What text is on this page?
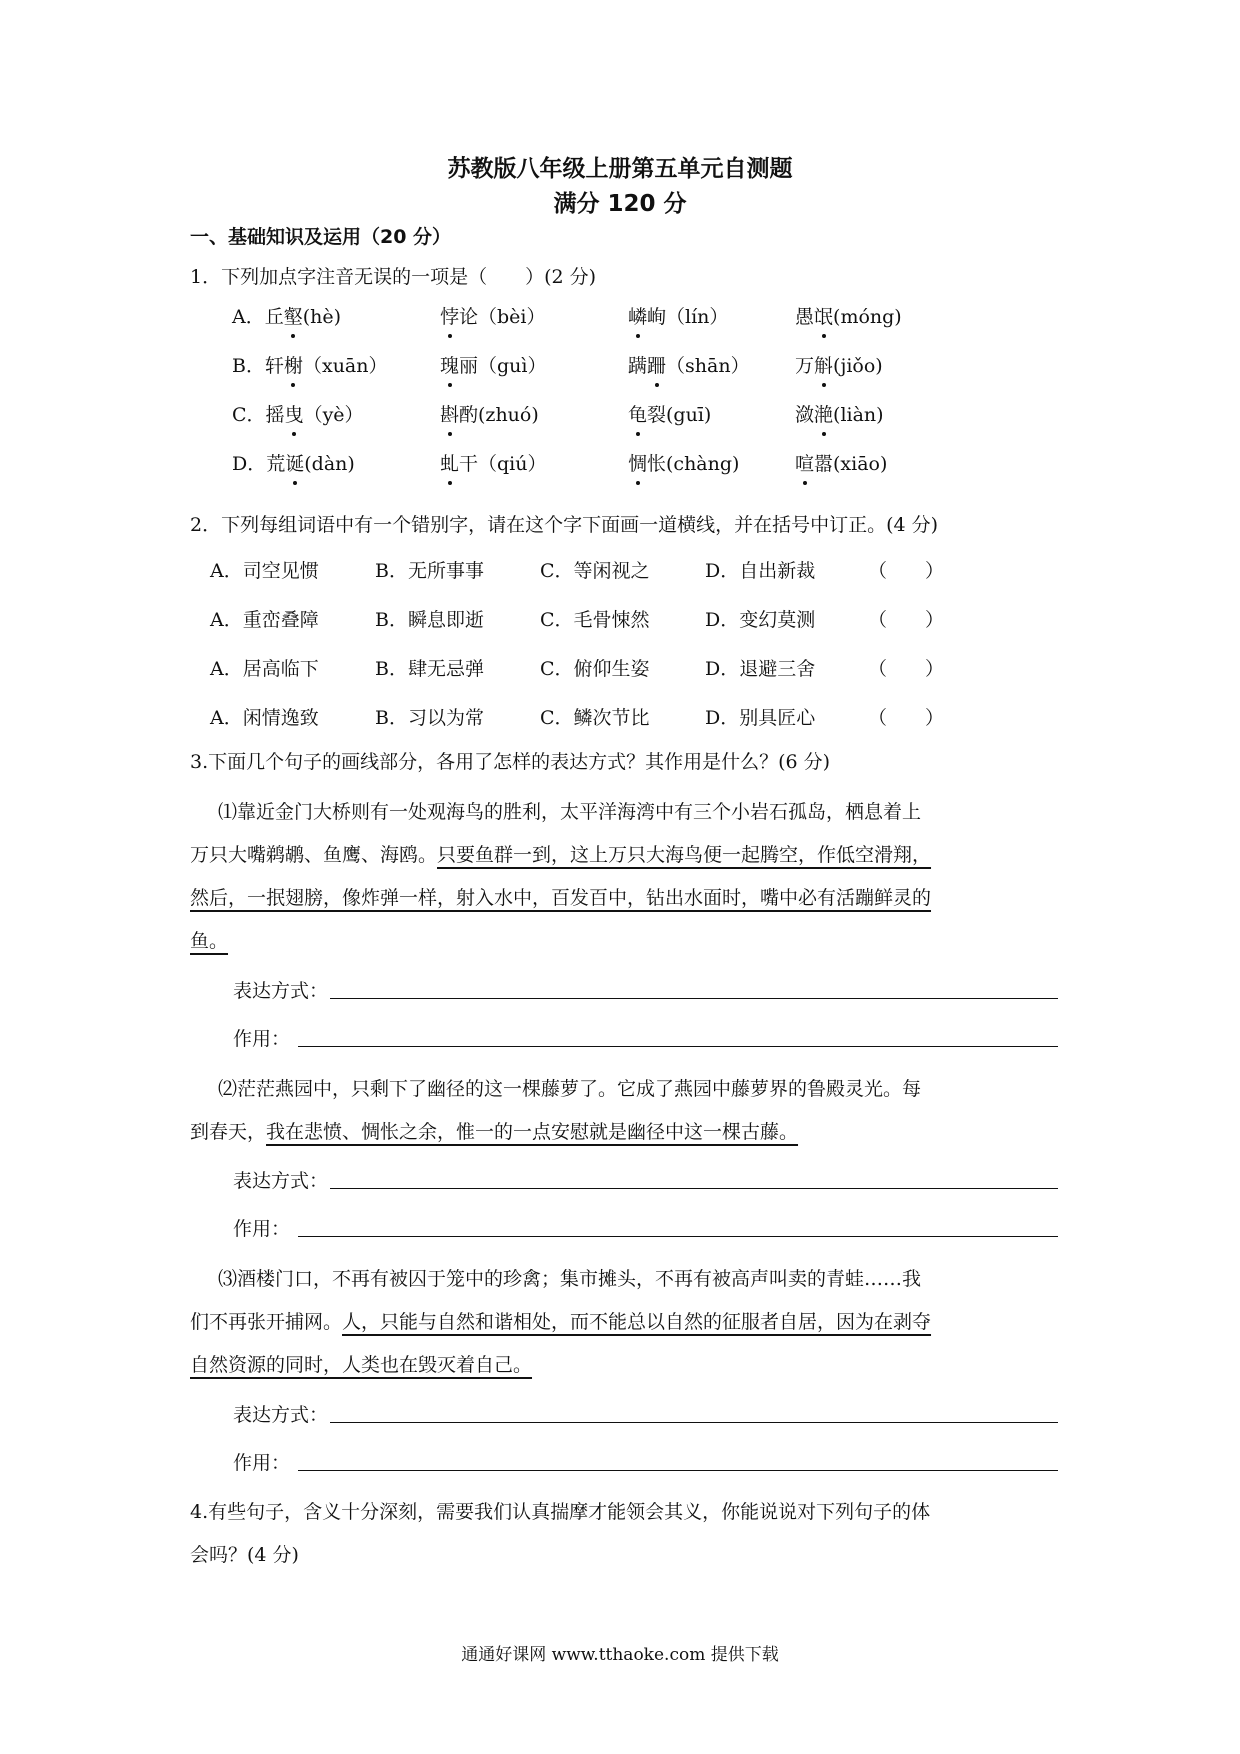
苏教版八年级上册第五单元自测题
满分 120 分
一、基础知识及运用（20 分）
1．下列加点字注音无误的一项是（　　）(2 分)
A．丘壑(hè)	悖论（bèi）	嶙峋（lín）	愚氓(móng)
B．轩榭（xuān）	瑰丽（guì）	蹒跚（shān） 万斛(jiǒo)
C．摇曳（yè）	斟酌(zhuó)	龟裂(guī)	潋滟(liàn)
D．荒诞(dàn)	虬干（qiú）	惆怅(chàng)	喧嚣(xiāo)
2．下列每组词语中有一个错别字，请在这个字下面画一道横线，并在括号中订正。(4 分)
A．司空见惯	B．无所事事	C．等闲视之	D．自出新裁	（　　）
A．重峦叠障	B．瞬息即逝	C．毛骨悚然	D．变幻莫测	（　　）
A．居高临下	B．肆无忌弹	C．俯仰生姿	D．退避三舍	（　　）
A．闲情逸致	B．习以为常	C．鳞次节比	D．别具匠心	（　　）
3.下面几个句子的画线部分，各用了怎样的表达方式？其作用是什么？(6 分)
⑴靠近金门大桥则有一处观海鸟的胜利，太平洋海湾中有三个小岩石孤岛，栖息着上
万只大嘴鹈鹕、鱼鹰、海鸥。只要鱼群一到，这上万只大海鸟便一起腾空，作低空滑翔，
然后，一抿翅膀，像炸弹一样，射入水中，百发百中，钻出水面时，嘴中必有活蹦鲜灵的
鱼。
表达方式：
作用：
⑵茫茫燕园中，只剩下了幽径的这一棵藤萝了。它成了燕园中藤萝界的鲁殿灵光。每
到春天，我在悲愤、惆怅之余，惟一的一点安慰就是幽径中这一棵古藤。
表达方式：
作用：
⑶酒楼门口，不再有被囚于笼中的珍禽；集市摊头，不再有被高声叫卖的青蛙……我
们不再张开捕网。人，只能与自然和谐相处，而不能总以自然的征服者自居，因为在剥夺
自然资源的同时，人类也在毁灭着自己。
表达方式：
作用：
4.有些句子，含义十分深刻，需要我们认真揣摩才能领会其义，你能说说对下列句子的体
会吗？(4 分)
通通好课网 www.tthaoke.com 提供下载
